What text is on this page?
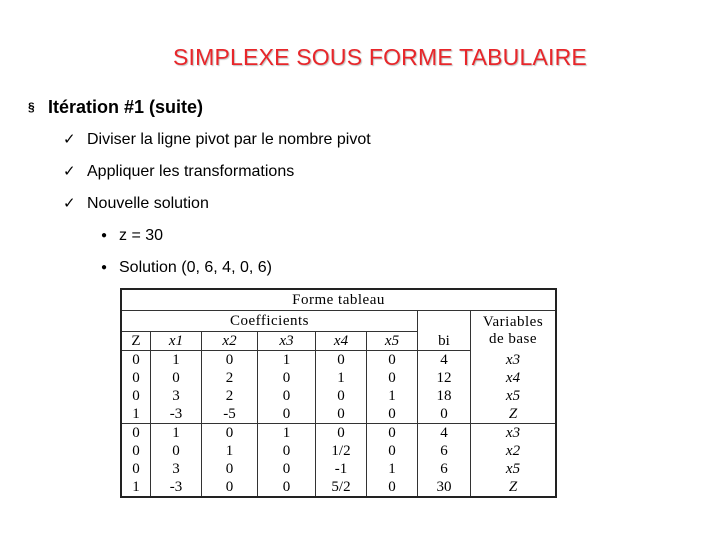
SIMPLEXE SOUS FORME TABULAIRE
§ Itération #1 (suite)
✓ Diviser la ligne pivot par le nombre pivot
✓ Appliquer les transformations
✓ Nouvelle solution
● z = 30
● Solution (0, 6, 4, 0, 6)
Forme tableau							
Coefficients							Variables
de base

Z	x1	x2	x3	x4	x5	bi	
0	1	0	1	0	0	4	x3
0	0	2	0	1	0	12	x4
0	3	2	0	0	1	18	x5
1	-3	-5	0	0	0	0	Z
0	1	0	1	0	0	4	x3
0	0	1	0	1/2	0	6	x2
0	3	0	0	-1	1	6	x5
1	-3	0	0	5/2	0	30	Z
